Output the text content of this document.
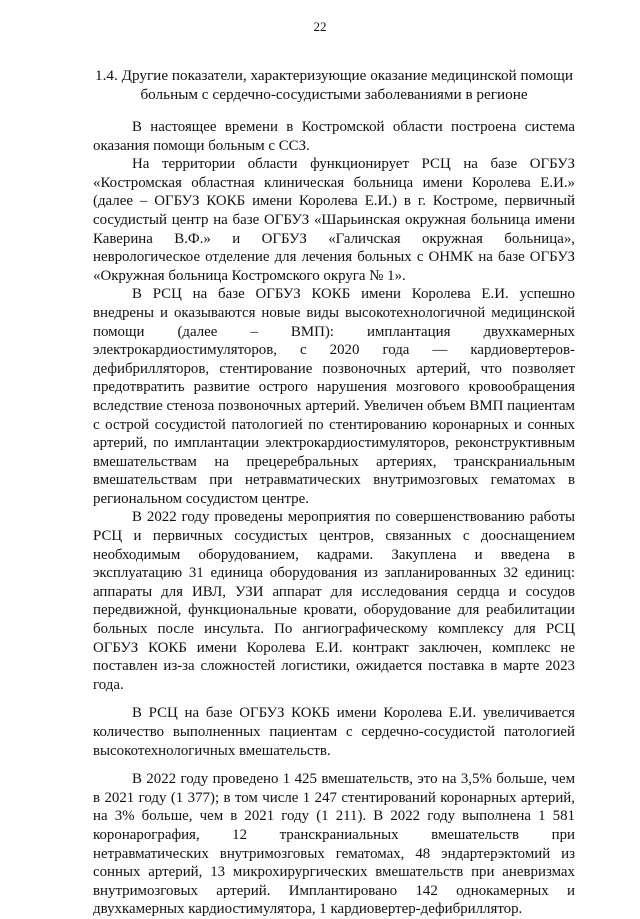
22
1.4. Другие показатели, характеризующие оказание медицинской помощи больным с сердечно-сосудистыми заболеваниями в регионе

В настоящее времени в Костромской области построена система оказания помощи больным с ССЗ.

На территории области функционирует РСЦ на базе ОГБУЗ «Костромская областная клиническая больница имени Королева Е.И.» (далее – ОГБУЗ КОКБ имени Королева Е.И.) в г. Костроме, первичный сосудистый центр на базе ОГБУЗ «Шарьинская окружная больница имени Каверина В.Ф.» и ОГБУЗ «Галичская окружная больница», неврологическое отделение для лечения больных с ОНМК на базе ОГБУЗ «Окружная больница Костромского округа № 1».

В РСЦ на базе ОГБУЗ КОКБ имени Королева Е.И. успешно внедрены и оказываются новые виды высокотехнологичной медицинской помощи (далее – ВМП): имплантация двухкамерных электрокардиостимуляторов, с 2020 года — кардиовертеров-дефибрилляторов, стентирование позвоночных артерий, что позволяет предотвратить развитие острого нарушения мозгового кровообращения вследствие стеноза позвоночных артерий. Увеличен объем ВМП пациентам с острой сосудистой патологией по стентированию коронарных и сонных артерий, по имплантации электрокардиостимуляторов, реконструктивным вмешательствам на прецеребральных артериях, транскраниальным вмешательствам при нетравматических внутримозговых гематомах в региональном сосудистом центре.

В 2022 году проведены мероприятия по совершенствованию работы РСЦ и первичных сосудистых центров, связанных с дооснащением необходимым оборудованием, кадрами. Закуплена и введена в эксплуатацию 31 единица оборудования из запланированных 32 единиц: аппараты для ИВЛ, УЗИ аппарат для исследования сердца и сосудов передвижной, функциональные кровати, оборудование для реабилитации больных после инсульта. По ангиографическому комплексу для РСЦ ОГБУЗ КОКБ имени Королева Е.И. контракт заключен, комплекс не поставлен из-за сложностей логистики, ожидается поставка в марте 2023 года.

В РСЦ на базе ОГБУЗ КОКБ имени Королева Е.И. увеличивается количество выполненных пациентам с сердечно-сосудистой патологией высокотехнологичных вмешательств.

В 2022 году проведено 1 425 вмешательств, это на 3,5% больше, чем в 2021 году (1 377); в том числе 1 247 стентирований коронарных артерий, на 3% больше, чем в 2021 году (1 211). В 2022 году выполнена 1 581 коронарография, 12 транскраниальных вмешательств при нетравматических внутримозговых гематомах, 48 эндартерэктомий из сонных артерий, 13 микрохирургических вмешательств при аневризмах внутримозговых артерий. Имплантировано 142 однокамерных и двухкамерных кардиостимулятора, 1 кардиовертер-дефибриллятор.
